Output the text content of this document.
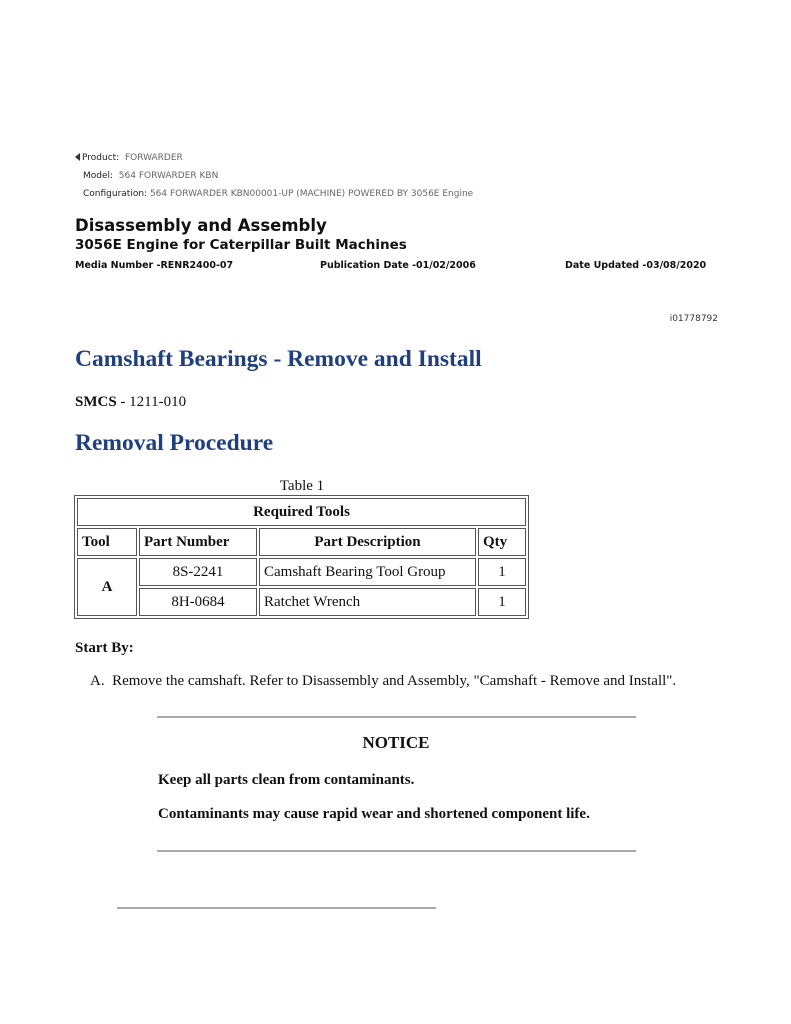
Product: FORWARDER
Model: 564 FORWARDER KBN
Configuration: 564 FORWARDER KBN00001-UP (MACHINE) POWERED BY 3056E Engine
Disassembly and Assembly
3056E Engine for Caterpillar Built Machines
Media Number -RENR2400-07	Publication Date -01/02/2006	Date Updated -03/08/2020
i01778792
Camshaft Bearings - Remove and Install
SMCS - 1211-010
Removal Procedure
Table 1
Required Tools			
Tool	Part Number	Part Description	Qty
A	8S-2241	Camshaft Bearing Tool Group	1
	8H-0684	Ratchet Wrench	1
Start By:
A. Remove the camshaft. Refer to Disassembly and Assembly, "Camshaft - Remove and Install".
NOTICE
Keep all parts clean from contaminants.
Contaminants may cause rapid wear and shortened component life.
